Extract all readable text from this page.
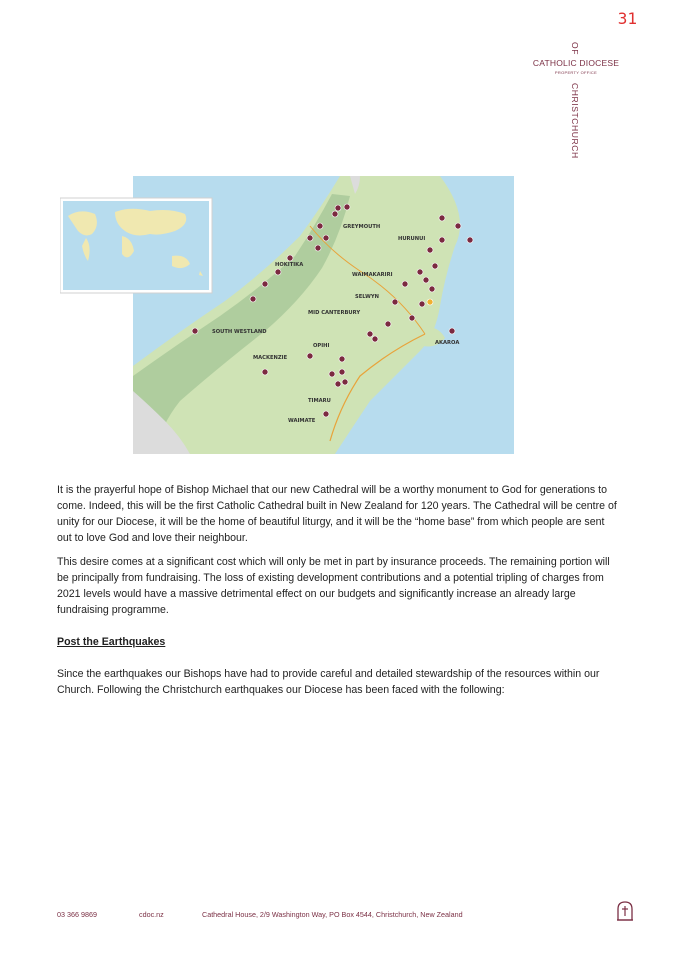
31
OFCHRISTCHURCH
CATHOLIC DIOCESE
PROPERTY OFFICE
GREYMOUTH
HURUNUI
HOKITIKA
WAIMAKARIRI
SELWYN
MID CANTERBURY
SOUTH WESTLAND
AKAROA
OPIHI
MACKENZIE
TIMARU
WAIMATE

It is the prayerful hope of Bishop Michael that our new Cathedral will be a worthy monument to God for generations to come. Indeed, this will be the first Catholic Cathedral built in New Zealand for 120 years. The Cathedral will be centre of unity for our Diocese, it will be the home of beautiful liturgy, and it will be the “home base” from which people are sent out to love God and love their neighbour.

This desire comes at a significant cost which will only be met in part by insurance proceeds. The remaining portion will be principally from fundraising. The loss of existing development contributions and a potential tripling of charges from 2021 levels would have a massive detrimental effect on our budgets and significantly increase an already large fundraising programme.

Post the Earthquakes

Since the earthquakes our Bishops have had to provide careful and detailed stewardship of the resources within our Church. Following the Christchurch earthquakes our Diocese has been faced with the following:

03 366 9869	cdoc.nz	Cathedral House, 2/9 Washington Way, PO Box 4544, Christchurch, New Zealand
